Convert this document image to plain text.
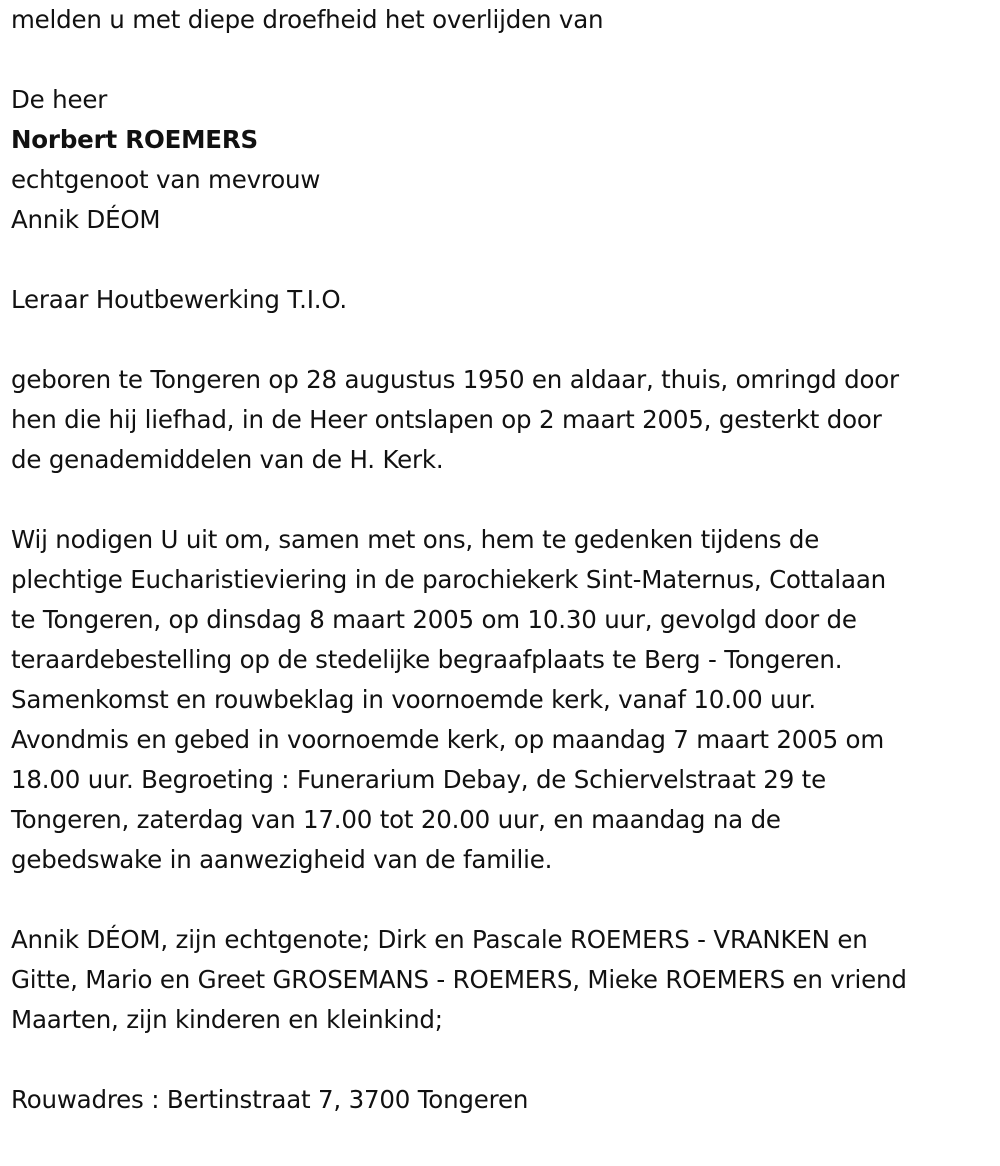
melden u met diepe droefheid het overlijden van
De heer
Norbert ROEMERS
echtgenoot van mevrouw
Annik DÉOM
Leraar Houtbewerking T.I.O.
geboren te Tongeren op 28 augustus 1950 en aldaar, thuis, omringd door
hen die hij liefhad, in de Heer ontslapen op 2 maart 2005, gesterkt door
de genademiddelen van de H. Kerk.
Wij nodigen U uit om, samen met ons, hem te gedenken tijdens de
plechtige Eucharistieviering in de parochiekerk Sint-Maternus, Cottalaan
te Tongeren, op dinsdag 8 maart 2005 om 10.30 uur, gevolgd door de
teraardebestelling op de stedelijke begraafplaats te Berg - Tongeren.
Samenkomst en rouwbeklag in voornoemde kerk, vanaf 10.00 uur.
Avondmis en gebed in voornoemde kerk, op maandag 7 maart 2005 om
18.00 uur. Begroeting : Funerarium Debay, de Schiervelstraat 29 te
Tongeren, zaterdag van 17.00 tot 20.00 uur, en maandag na de
gebedswake in aanwezigheid van de familie.
Annik DÉOM, zijn echtgenote; Dirk en Pascale ROEMERS - VRANKEN en
Gitte, Mario en Greet GROSEMANS - ROEMERS, Mieke ROEMERS en vriend
Maarten, zijn kinderen en kleinkind;
Rouwadres : Bertinstraat 7, 3700 Tongeren
